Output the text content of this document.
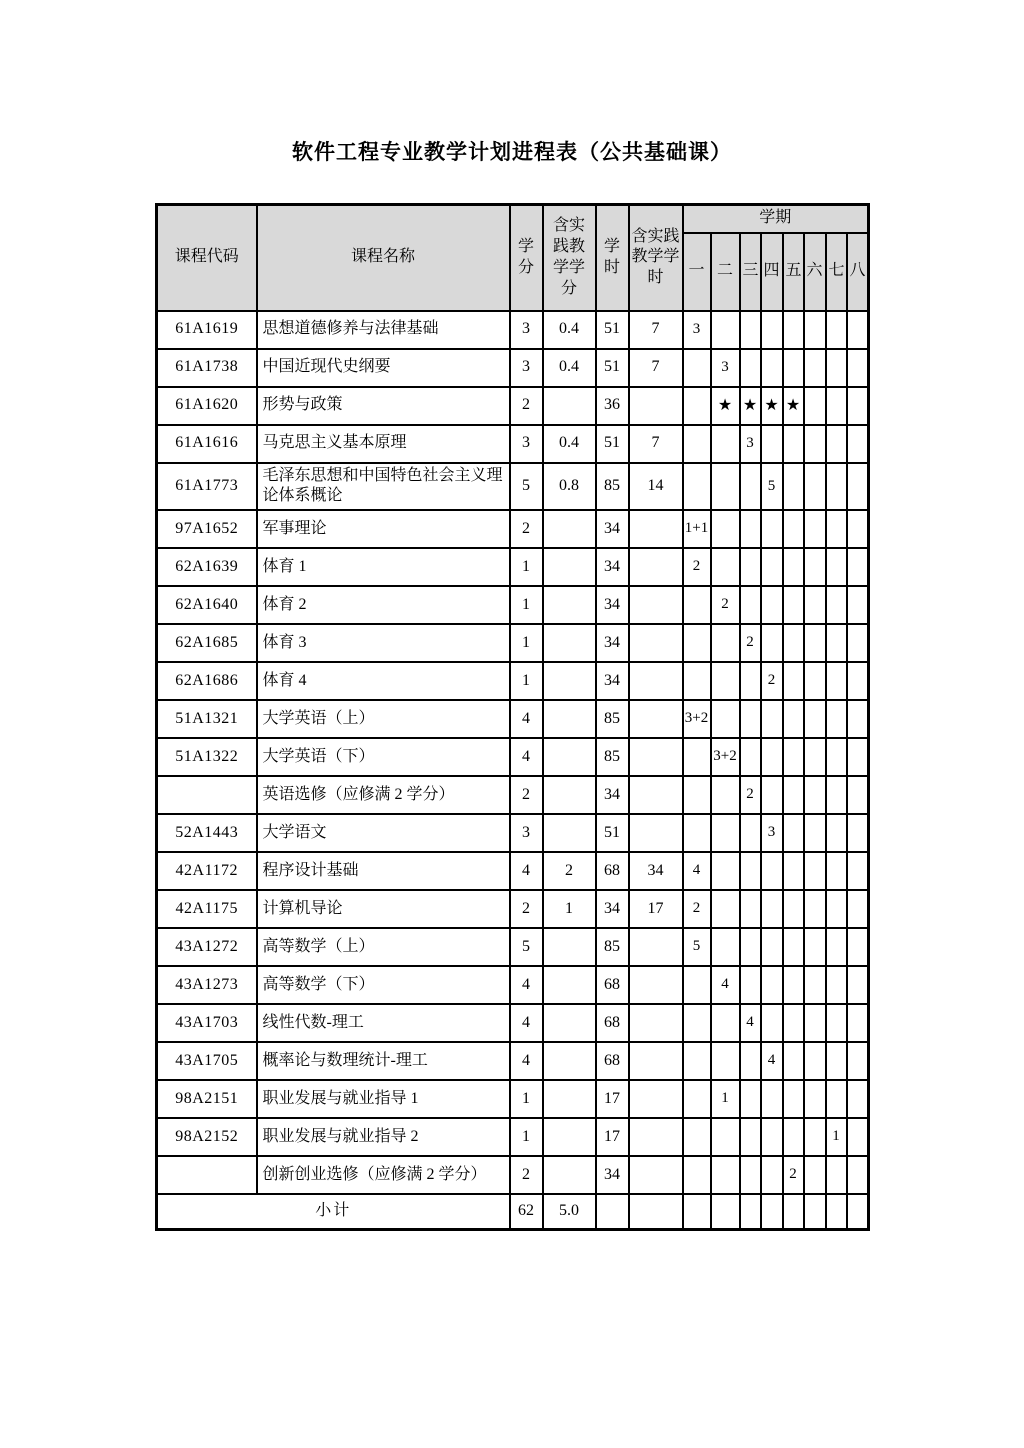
软件工程专业教学计划进程表（公共基础课）
课程代码	课程名称	学分	含实践教学学分	学时	含实践教学学时	学期							
						一	二	三	四	五	六	七	八
61A1619	思想道德修养与法律基础	3	0.4	51	7	3							
61A1738	中国近现代史纲要	3	0.4	51	7		3						
61A1620	形势与政策	2		36			★	★	★	★			
61A1616	马克思主义基本原理	3	0.4	51	7			3					
61A1773	毛泽东思想和中国特色社会主义理论体系概论	5	0.8	85	14				5				
97A1652	军事理论	2		34		1+1							
62A1639	体育 1	1		34		2							
62A1640	体育 2	1		34			2						
62A1685	体育 3	1		34				2					
62A1686	体育 4	1		34					2				
51A1321	大学英语（上）	4		85		3+2							
51A1322	大学英语（下）	4		85			3+2						
	英语选修（应修满 2 学分）	2		34				2					
52A1443	大学语文	3		51					3				
42A1172	程序设计基础	4	2	68	34	4							
42A1175	计算机导论	2	1	34	17	2							
43A1272	高等数学（上）	5		85		5							
43A1273	高等数学（下）	4		68			4						
43A1703	线性代数-理工	4		68				4					
43A1705	概率论与数理统计-理工	4		68					4				
98A2151	职业发展与就业指导 1	1		17			1						
98A2152	职业发展与就业指导 2	1		17								1	
	创新创业选修（应修满 2 学分）	2		34						2			
小计		62	5.0										
